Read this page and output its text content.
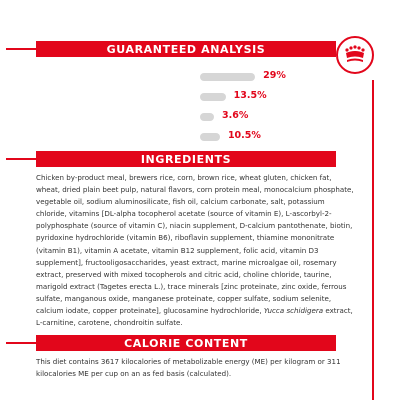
GUARANTEED ANALYSIS
29%
13.5%
3.6%
10.5%
INGREDIENTS

Chicken by-product meal, brewers rice, corn, brown rice, wheat gluten, chicken fat, wheat, dried plain beet pulp, natural flavors, corn protein meal, monocalcium phosphate, vegetable oil, sodium aluminosilicate, fish oil, calcium carbonate, salt, potassium chloride, vitamins [DL-alpha tocopherol acetate (source of vitamin E), L-ascorbyl-2-polyphosphate (source of vitamin C), niacin supplement, D-calcium pantothenate, biotin, pyridoxine hydrochloride (vitamin B6), riboflavin supplement, thiamine mononitrate (vitamin B1), vitamin A acetate, vitamin B12 supplement, folic acid, vitamin D3 supplement], fructooligosaccharides, yeast extract, marine microalgae oil, rosemary extract, preserved with mixed tocopherols and citric acid, choline chloride, taurine, marigold extract (Tagetes erecta L.), trace minerals [zinc proteinate, zinc oxide, ferrous sulfate, manganous oxide, manganese proteinate, copper sulfate, sodium selenite, calcium iodate, copper proteinate], glucosamine hydrochloride, Yucca schidigera extract, L-carnitine, carotene, chondroitin sulfate.

CALORIE CONTENT

This diet contains 3617 kilocalories of metabolizable energy (ME) per kilogram or 311 kilocalories ME per cup on an as fed basis (calculated).
